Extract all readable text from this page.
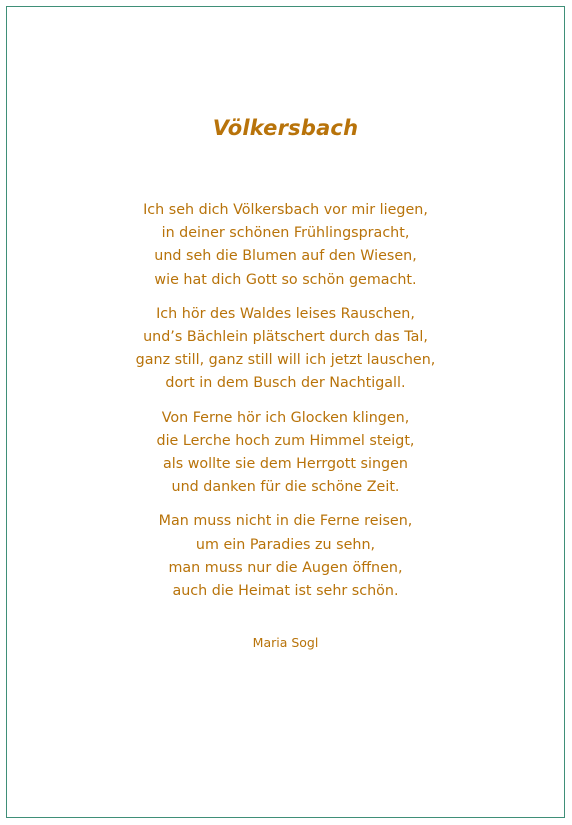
Völkersbach
Ich seh dich Völkersbach vor mir liegen,
in deiner schönen Frühlingspracht,
und seh die Blumen auf den Wiesen,
wie hat dich Gott so schön gemacht.
Ich hör des Waldes leises Rauschen,
und’s Bächlein plätschert durch das Tal,
ganz still, ganz still will ich jetzt lauschen,
dort in dem Busch der Nachtigall.
Von Ferne hör ich Glocken klingen,
die Lerche hoch zum Himmel steigt,
als wollte sie dem Herrgott singen
und danken für die schöne Zeit.
Man muss nicht in die Ferne reisen,
um ein Paradies zu sehn,
man muss nur die Augen öffnen,
auch die Heimat ist sehr schön.
Maria Sogl
